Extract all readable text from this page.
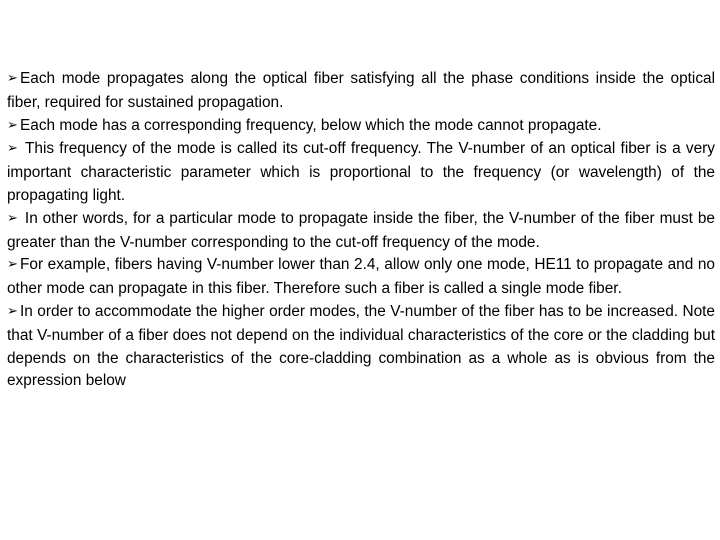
➢ Each mode propagates along the optical fiber satisfying all the phase conditions inside the optical fiber, required for sustained propagation.

➢ Each mode has a corresponding frequency, below which the mode cannot propagate.

➢ This frequency of the mode is called its cut-off frequency. The V-number of an optical fiber is a very important characteristic parameter which is proportional to the frequency (or wavelength) of the propagating light.

➢ In other words, for a particular mode to propagate inside the fiber, the V-number of the fiber must be greater than the V-number corresponding to the cut-off frequency of the mode.

➢ For example, fibers having V-number lower than 2.4, allow only one mode, HE11 to propagate and no other mode can propagate in this fiber. Therefore such a fiber is called a single mode fiber.

➢ In order to accommodate the higher order modes, the V-number of the fiber has to be increased. Note that V-number of a fiber does not depend on the individual characteristics of the core or the cladding but depends on the characteristics of the core-cladding combination as a whole as is obvious from the expression below
